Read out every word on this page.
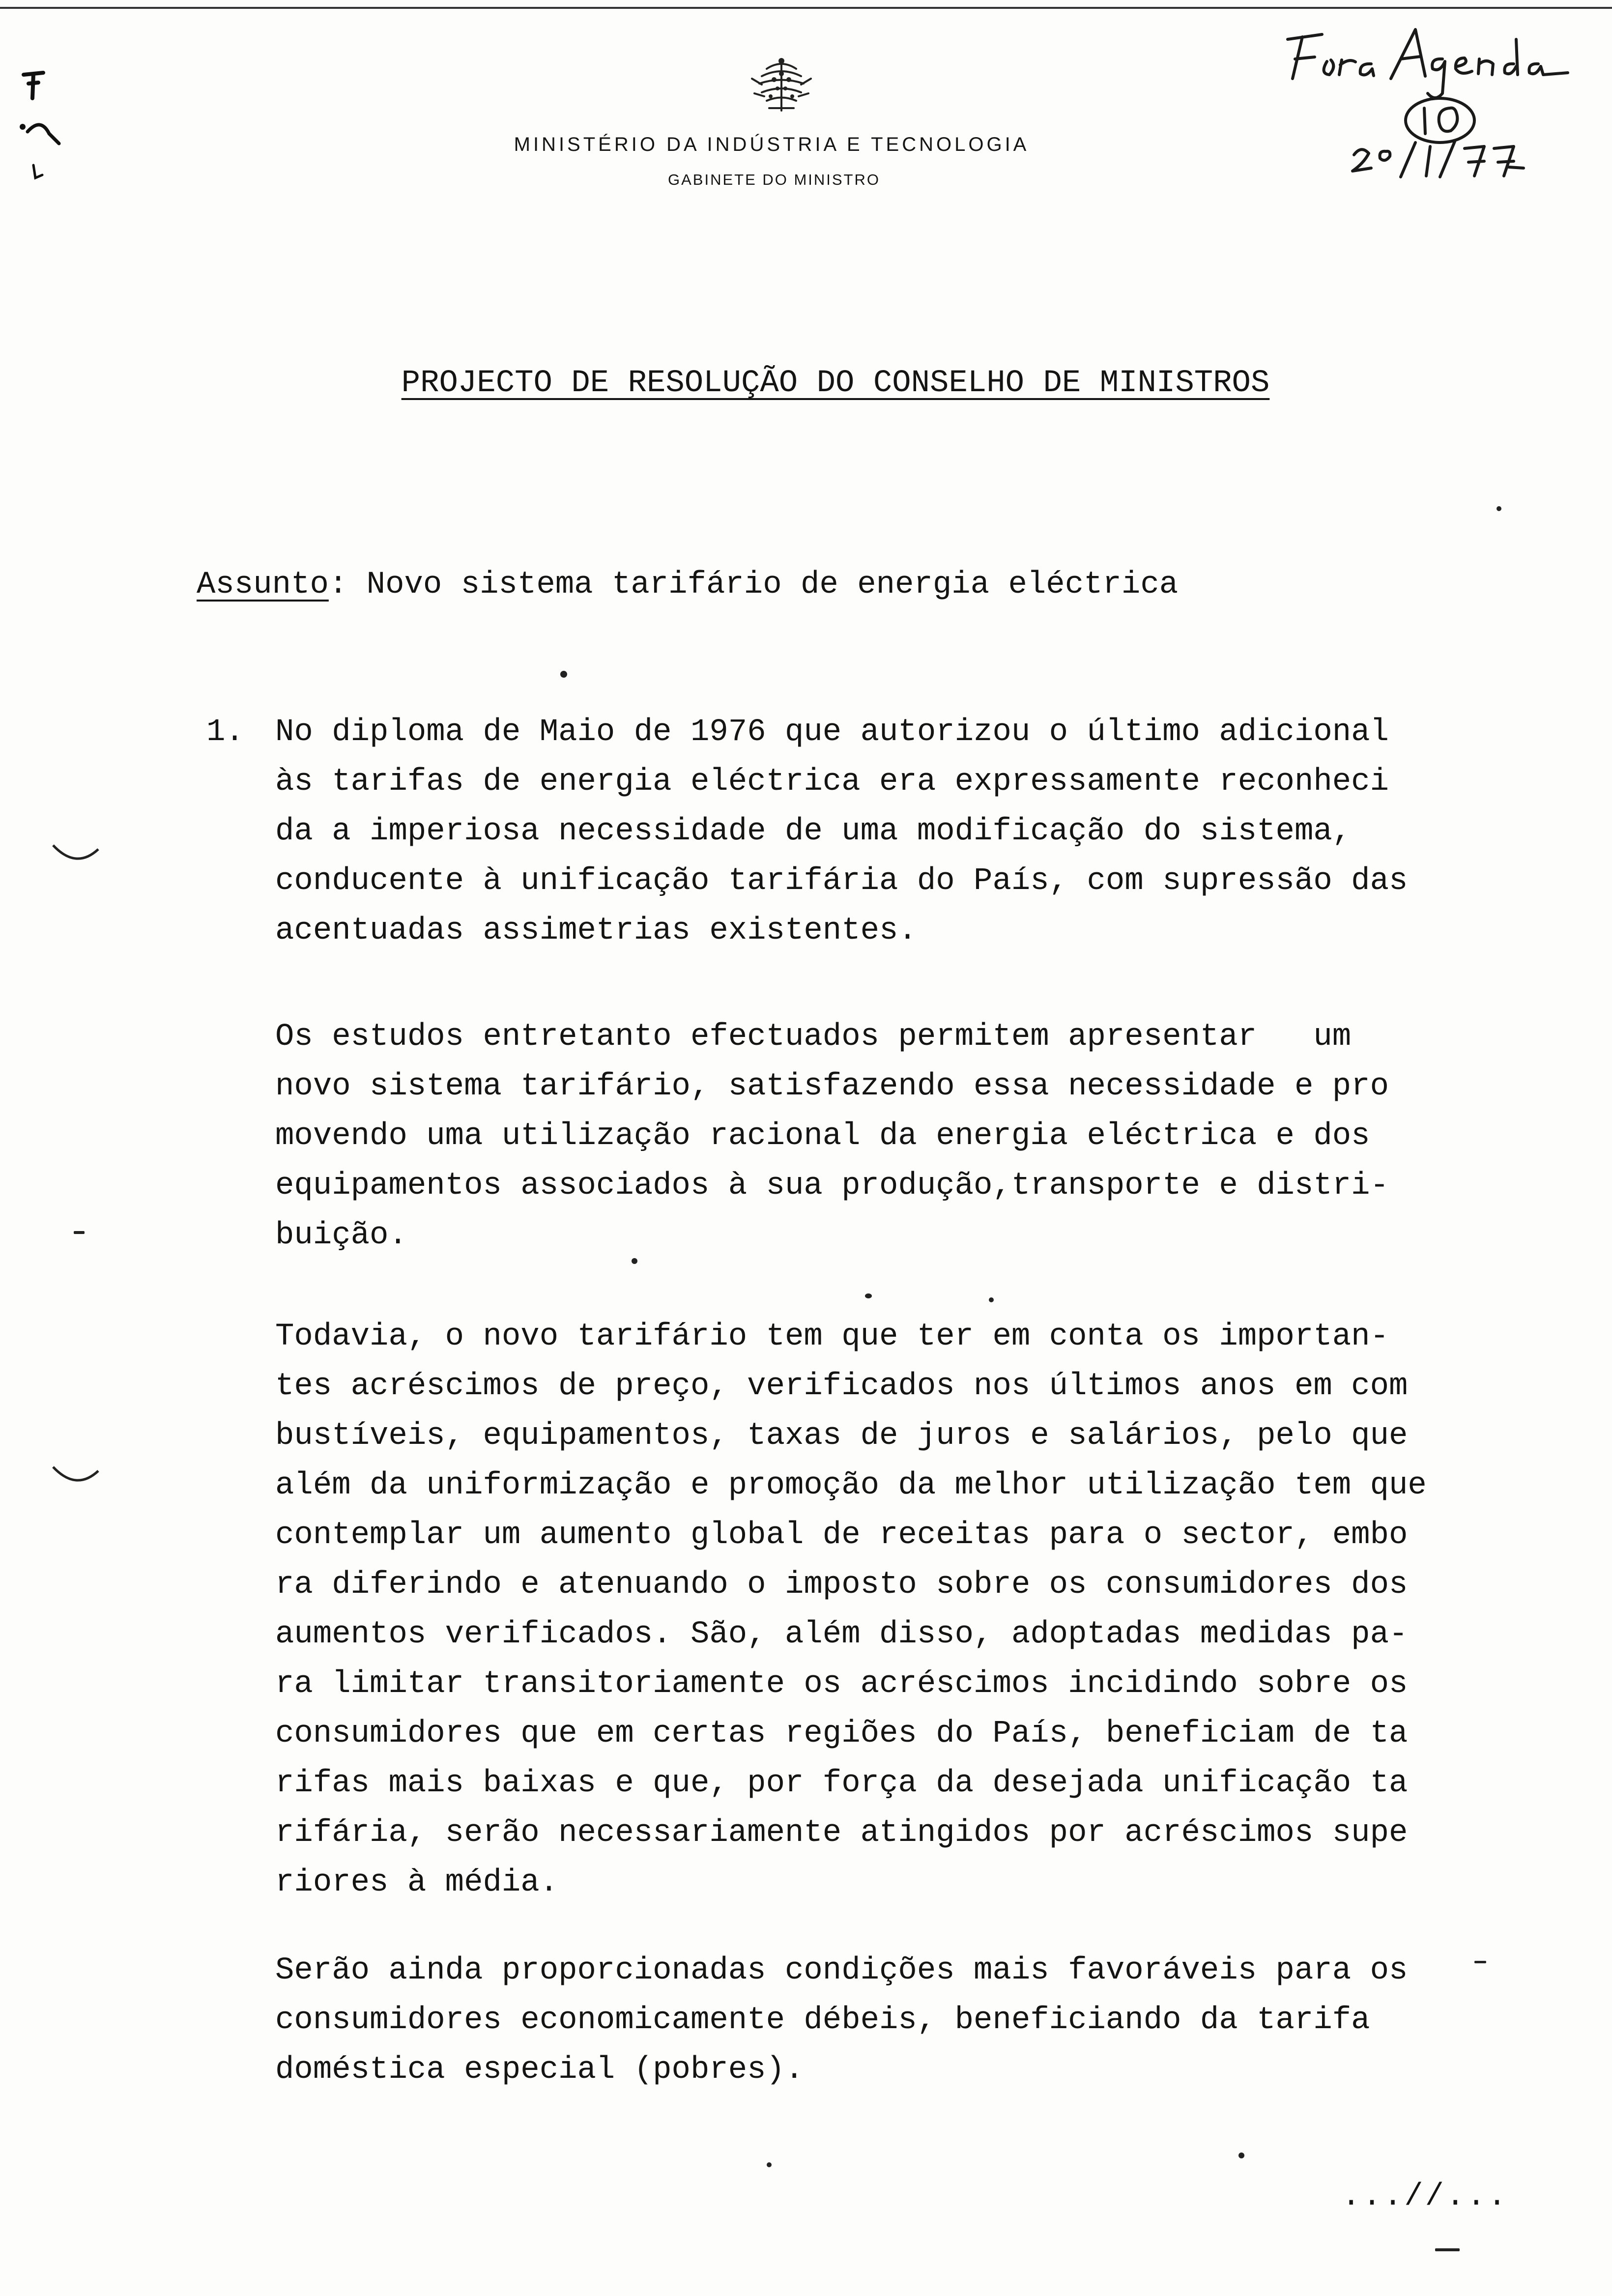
MINISTÉRIO DA INDÚSTRIA E TECNOLOGIA
GABINETE DO MINISTRO
PROJECTO DE RESOLUÇÃO DO CONSELHO DE MINISTROS
Assunto: Novo sistema tarifário de energia eléctrica
1. No diploma de Maio de 1976 que autorizou o último adicional
às tarifas de energia eléctrica era expressamente reconheci
da a imperiosa necessidade de uma modificação do sistema,
conducente à unificação tarifária do País, com supressão das
acentuadas assimetrias existentes.
Os estudos entretanto efectuados permitem apresentar   um
novo sistema tarifário, satisfazendo essa necessidade e pro
movendo uma utilização racional da energia eléctrica e dos
equipamentos associados à sua produção,transporte e distri-
buição.
Todavia, o novo tarifário tem que ter em conta os importan-
tes acréscimos de preço, verificados nos últimos anos em com
bustíveis, equipamentos, taxas de juros e salários, pelo que
além da uniformização e promoção da melhor utilização tem que
contemplar um aumento global de receitas para o sector, embo
ra diferindo e atenuando o imposto sobre os consumidores dos
aumentos verificados. São, além disso, adoptadas medidas pa-
ra limitar transitoriamente os acréscimos incidindo sobre os
consumidores que em certas regiões do País, beneficiam de ta
rifas mais baixas e que, por força da desejada unificação ta
rifária, serão necessariamente atingidos por acréscimos supe
riores à média.
Serão ainda proporcionadas condições mais favoráveis para os
consumidores economicamente débeis, beneficiando da tarifa
doméstica especial (pobres).
...//...
